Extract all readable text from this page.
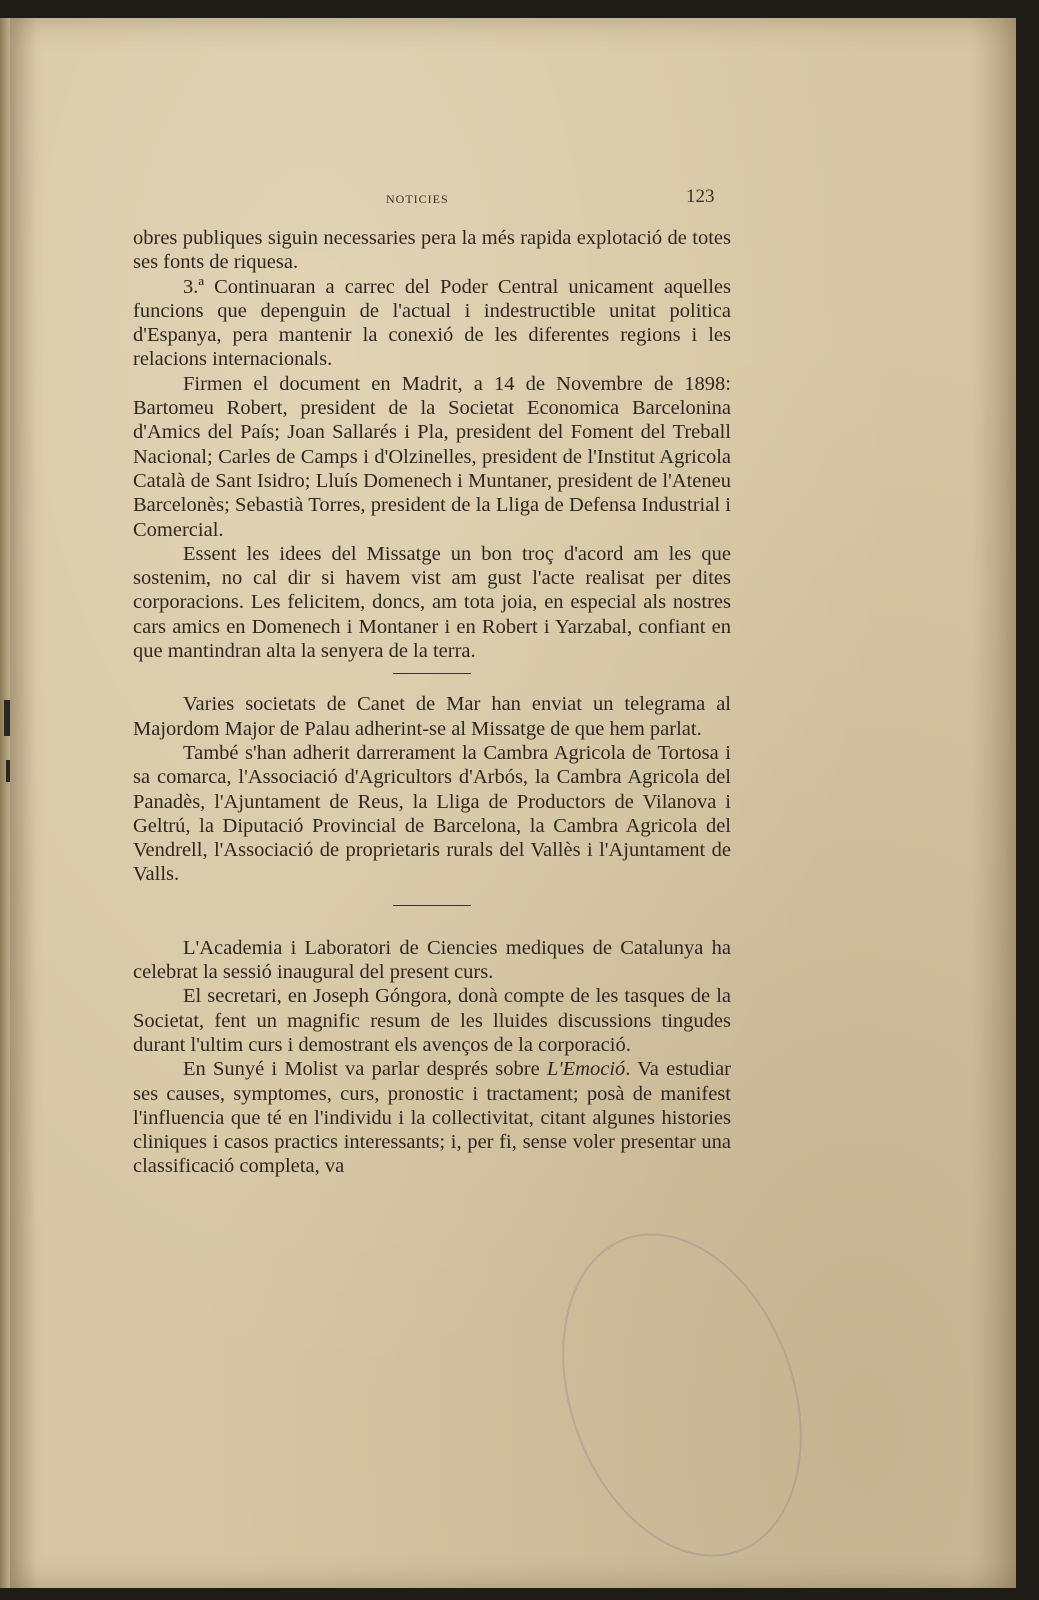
NOTICIES	123

obres publiques siguin necessaries pera la més rapida explotació de totes ses fonts de riquesa.

3.ª Continuaran a carrec del Poder Central unicament aquelles funcions que depenguin de l'actual i indestructible unitat politica d'Espanya, pera mantenir la conexió de les diferentes regions i les relacions internacionals.

Firmen el document en Madrit, a 14 de Novembre de 1898: Bartomeu Robert, president de la Societat Economica Barcelonina d'Amics del País; Joan Sallarés i Pla, president del Foment del Treball Nacional; Carles de Camps i d'Olzinelles, president de l'Institut Agricola Català de Sant Isidro; Lluís Domenech i Muntaner, president de l'Ateneu Barcelonès; Sebastià Torres, president de la Lliga de Defensa Industrial i Comercial.

Essent les idees del Missatge un bon troç d'acord am les que sostenim, no cal dir si havem vist am gust l'acte realisat per dites corporacions. Les felicitem, doncs, am tota joia, en especial als nostres cars amics en Domenech i Montaner i en Robert i Yarzabal, confiant en que mantindran alta la senyera de la terra.

Varies societats de Canet de Mar han enviat un telegrama al Majordom Major de Palau adherint-se al Missatge de que hem parlat.

També s'han adherit darrerament la Cambra Agricola de Tortosa i sa comarca, l'Associació d'Agricultors d'Arbós, la Cambra Agricola del Panadès, l'Ajuntament de Reus, la Lliga de Productors de Vilanova i Geltrú, la Diputació Provincial de Barcelona, la Cambra Agricola del Vendrell, l'Associació de proprietaris rurals del Vallès i l'Ajuntament de Valls.

L'Academia i Laboratori de Ciencies mediques de Catalunya ha celebrat la sessió inaugural del present curs.

El secretari, en Joseph Góngora, donà compte de les tasques de la Societat, fent un magnific resum de les lluides discussions tingudes durant l'ultim curs i demostrant els avenços de la corporació.

En Sunyé i Molist va parlar després sobre L'Emoció. Va estudiar ses causes, symptomes, curs, pronostic i tractament; posà de manifest l'influencia que té en l'individu i la collectivitat, citant algunes histories cliniques i casos practics interessants; i, per fi, sense voler presentar una classificació completa, va
